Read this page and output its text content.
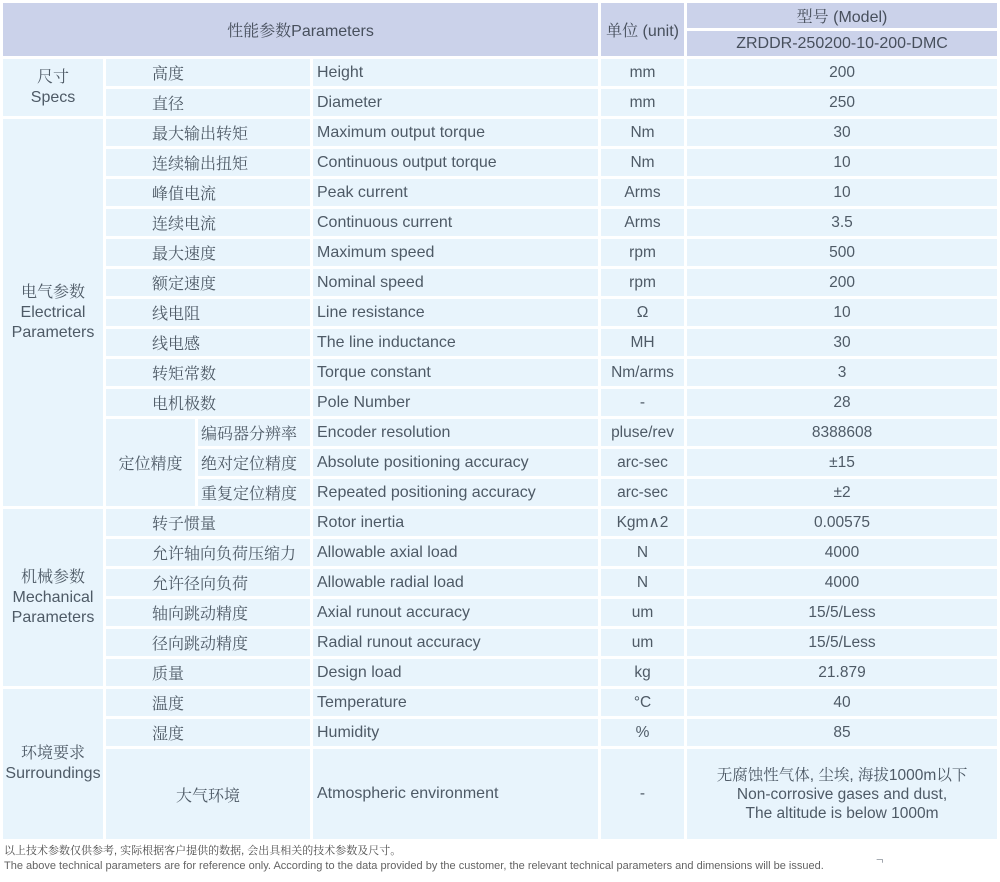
性能参数Parameters				单位 (unit)	型号 (Model)
					ZRDDR-250200-10-200-DMC

尺寸
Specs	高度		Height	mm	200
	直径		Diameter	mm	250

电气参数
Electrical Parameters	最大输出转矩		Maximum output torque	Nm	30
	连续输出扭矩		Continuous output torque	Nm	10
	峰值电流		Peak current	Arms	10
	连续电流		Continuous current	Arms	3.5
	最大速度		Maximum speed	rpm	500
	额定速度		Nominal speed	rpm	200
	线电阻		Line resistance	Ω	10
	线电感		The line inductance	MH	30
	转矩常数		Torque constant	Nm/arms	3
	电机极数		Pole Number	-	28
	定位精度	编码器分辨率	Encoder resolution	pluse/rev	8388608
		绝对定位精度	Absolute positioning accuracy	arc-sec	±15
		重复定位精度	Repeated positioning accuracy	arc-sec	±2

机械参数
Mechanical Parameters	转子惯量		Rotor inertia	Kgm∧2	0.00575
	允许轴向负荷压缩力		Allowable axial load	N	4000
	允许径向负荷		Allowable radial load	N	4000
	轴向跳动精度		Axial runout accuracy	um	15/5/Less
	径向跳动精度		Radial runout accuracy	um	15/5/Less
	质量		Design load	kg	21.879

环境要求
Surroundings	温度		Temperature	°C	40
	湿度		Humidity	%	85
	大气环境		Atmospheric environment	-	无腐蚀性气体, 尘埃, 海拔1000m以下
Non-corrosive gases and dust,
The altitude is below 1000m
以上技术参数仅供参考, 实际根据客户提供的数据, 会出具相关的技术参数及尺寸。
The above technical parameters are for reference only. According to the data provided by the customer, the relevant technical parameters and dimensions will be issued.	¬
